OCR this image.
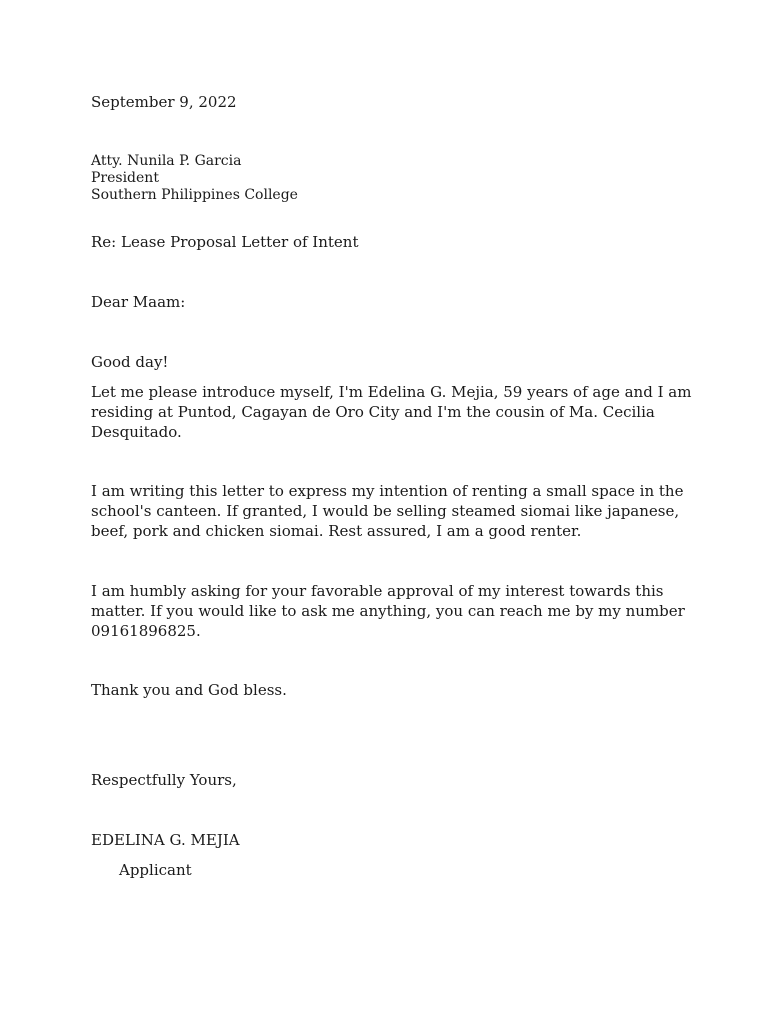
September 9, 2022
Atty. Nunila P. Garcia
President
Southern Philippines College
Re: Lease Proposal Letter of Intent
Dear Maam:
Good day!
Let me please introduce myself, I'm Edelina G. Mejia, 59 years of age and I am
residing at Puntod, Cagayan de Oro City and I'm the cousin of Ma. Cecilia
Desquitado.
I am writing this letter to express my intention of renting a small space in the
school's canteen. If granted, I would be selling steamed siomai like japanese,
beef, pork and chicken siomai. Rest assured, I am a good renter.
I am humbly asking for your favorable approval of my interest towards this
matter. If you would like to ask me anything, you can reach me by my number
09161896825.
Thank you and God bless.
Respectfully Yours,
EDELINA G. MEJIA
Applicant
